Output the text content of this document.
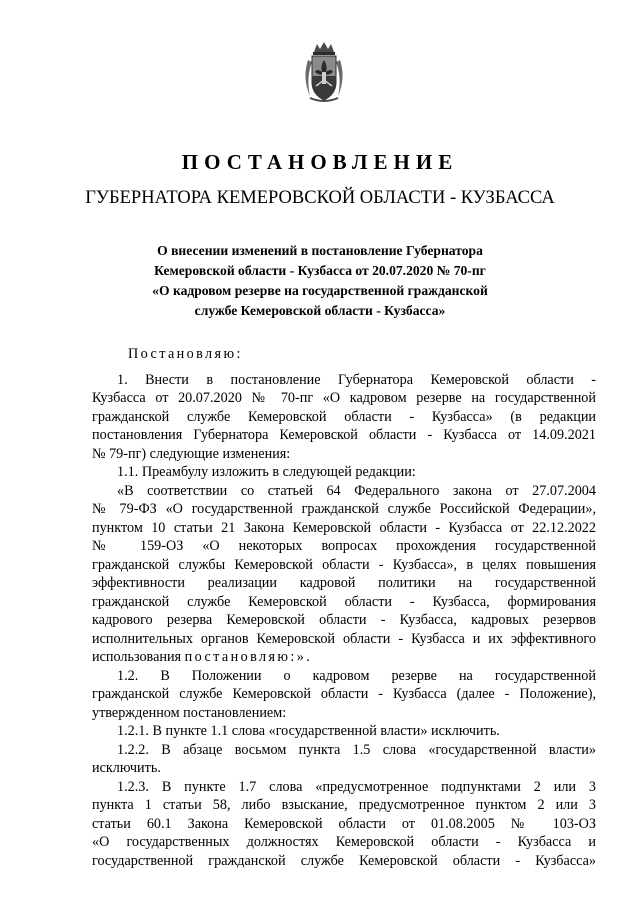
ПОСТАНОВЛЕНИЕ
ГУБЕРНАТОРА КЕМЕРОВСКОЙ ОБЛАСТИ - КУЗБАССА
О внесении изменений в постановление Губернатора
Кемеровской области - Кузбасса от 20.07.2020 № 70-пг
«О кадровом резерве на государственной гражданской
службе Кемеровской области - Кузбасса»
Постановляю:
1. Внести в постановление Губернатора Кемеровской области -
Кузбасса от 20.07.2020 № 70-пг «О кадровом резерве на государственной
гражданской службе Кемеровской области - Кузбасса» (в редакции
постановления Губернатора Кемеровской области - Кузбасса от 14.09.2021
№ 79-пг) следующие изменения:
1.1. Преамбулу изложить в следующей редакции:
«В соответствии со статьей 64 Федерального закона от 27.07.2004
№ 79-ФЗ «О государственной гражданской службе Российской Федерации»,
пунктом 10 статьи 21 Закона Кемеровской области - Кузбасса от 22.12.2022
№ 159-ОЗ «О некоторых вопросах прохождения государственной
гражданской службы Кемеровской области - Кузбасса», в целях повышения
эффективности реализации кадровой политики на государственной
гражданской службе Кемеровской области - Кузбасса, формирования
кадрового резерва Кемеровской области - Кузбасса, кадровых резервов
исполнительных органов Кемеровской области - Кузбасса и их эффективного
использования постановляю:».
1.2. В Положении о кадровом резерве на государственной
гражданской службе Кемеровской области - Кузбасса (далее - Положение),
утвержденном постановлением:
1.2.1. В пункте 1.1 слова «государственной власти» исключить.
1.2.2. В абзаце восьмом пункта 1.5 слова «государственной власти»
исключить.
1.2.3. В пункте 1.7 слова «предусмотренное подпунктами 2 или 3
пункта 1 статьи 58, либо взыскание, предусмотренное пунктом 2 или 3
статьи 60.1 Закона Кемеровской области от 01.08.2005 № 103-ОЗ
«О государственных должностях Кемеровской области - Кузбасса и
государственной гражданской службе Кемеровской области - Кузбасса»
